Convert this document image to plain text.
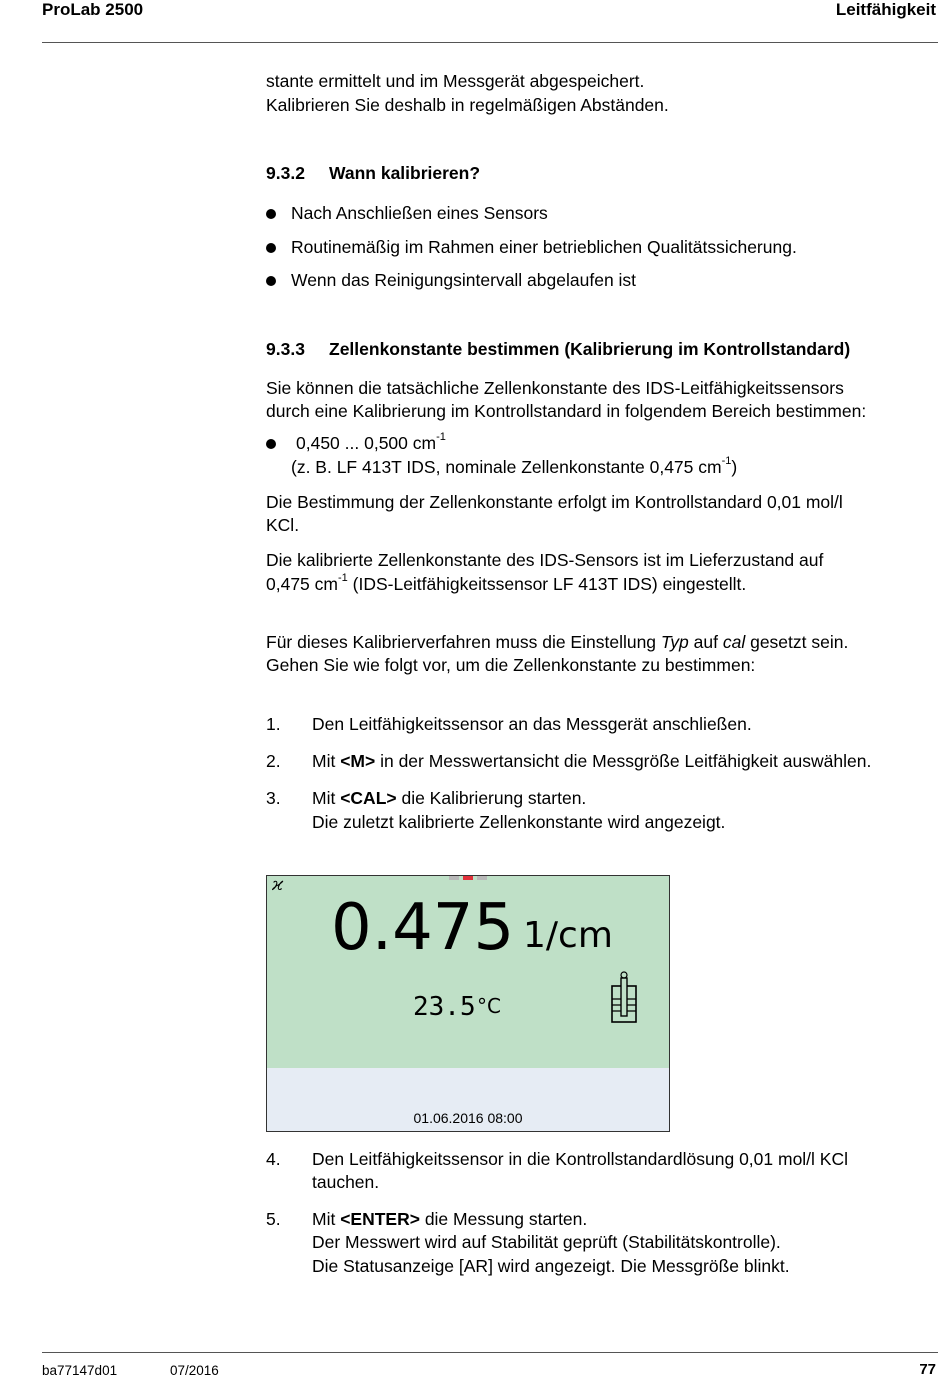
ProLab 2500	Leitfähigkeit
stante ermittelt und im Messgerät abgespeichert.
Kalibrieren Sie deshalb in regelmäßigen Abständen.
9.3.2 Wann kalibrieren?
Nach Anschließen eines Sensors
Routinemäßig im Rahmen einer betrieblichen Qualitätssicherung.
Wenn das Reinigungsintervall abgelaufen ist
9.3.3 Zellenkonstante bestimmen (Kalibrierung im Kontrollstandard)
Sie können die tatsächliche Zellenkonstante des IDS-Leitfähigkeitssensors
durch eine Kalibrierung im Kontrollstandard in folgendem Bereich bestimmen:
0,450 ... 0,500 $cm^{-1}$
(z. B. LF 413T IDS, nominale Zellenkonstante 0,475 $cm^{-1}$)
Die Bestimmung der Zellenkonstante erfolgt im Kontrollstandard 0,01 mol/l
KCl.
Die kalibrierte Zellenkonstante des IDS-Sensors ist im Lieferzustand auf
0,475 $cm^{-1}$ (IDS-Leitfähigkeitssensor LF 413T IDS) eingestellt.
Für dieses Kalibrierverfahren muss die Einstellung Typ auf cal gesetzt sein.
Gehen Sie wie folgt vor, um die Zellenkonstante zu bestimmen:
1. Den Leitfähigkeitssensor an das Messgerät anschließen.
2. Mit <M> in der Messwertansicht die Messgröße Leitfähigkeit auswählen.
3. Mit <CAL> die Kalibrierung starten.
Die zuletzt kalibrierte Zellenkonstante wird angezeigt.
ϰ
0.475 1/cm
23.5 °C
01.06.2016 08:00
4. Den Leitfähigkeitssensor in die Kontrollstandardlösung 0,01 mol/l KCl
tauchen.
5. Mit <ENTER> die Messung starten.
Der Messwert wird auf Stabilität geprüft (Stabilitätskontrolle).
Die Statusanzeige [AR] wird angezeigt. Die Messgröße blinkt.
ba77147d01	07/2016	77
